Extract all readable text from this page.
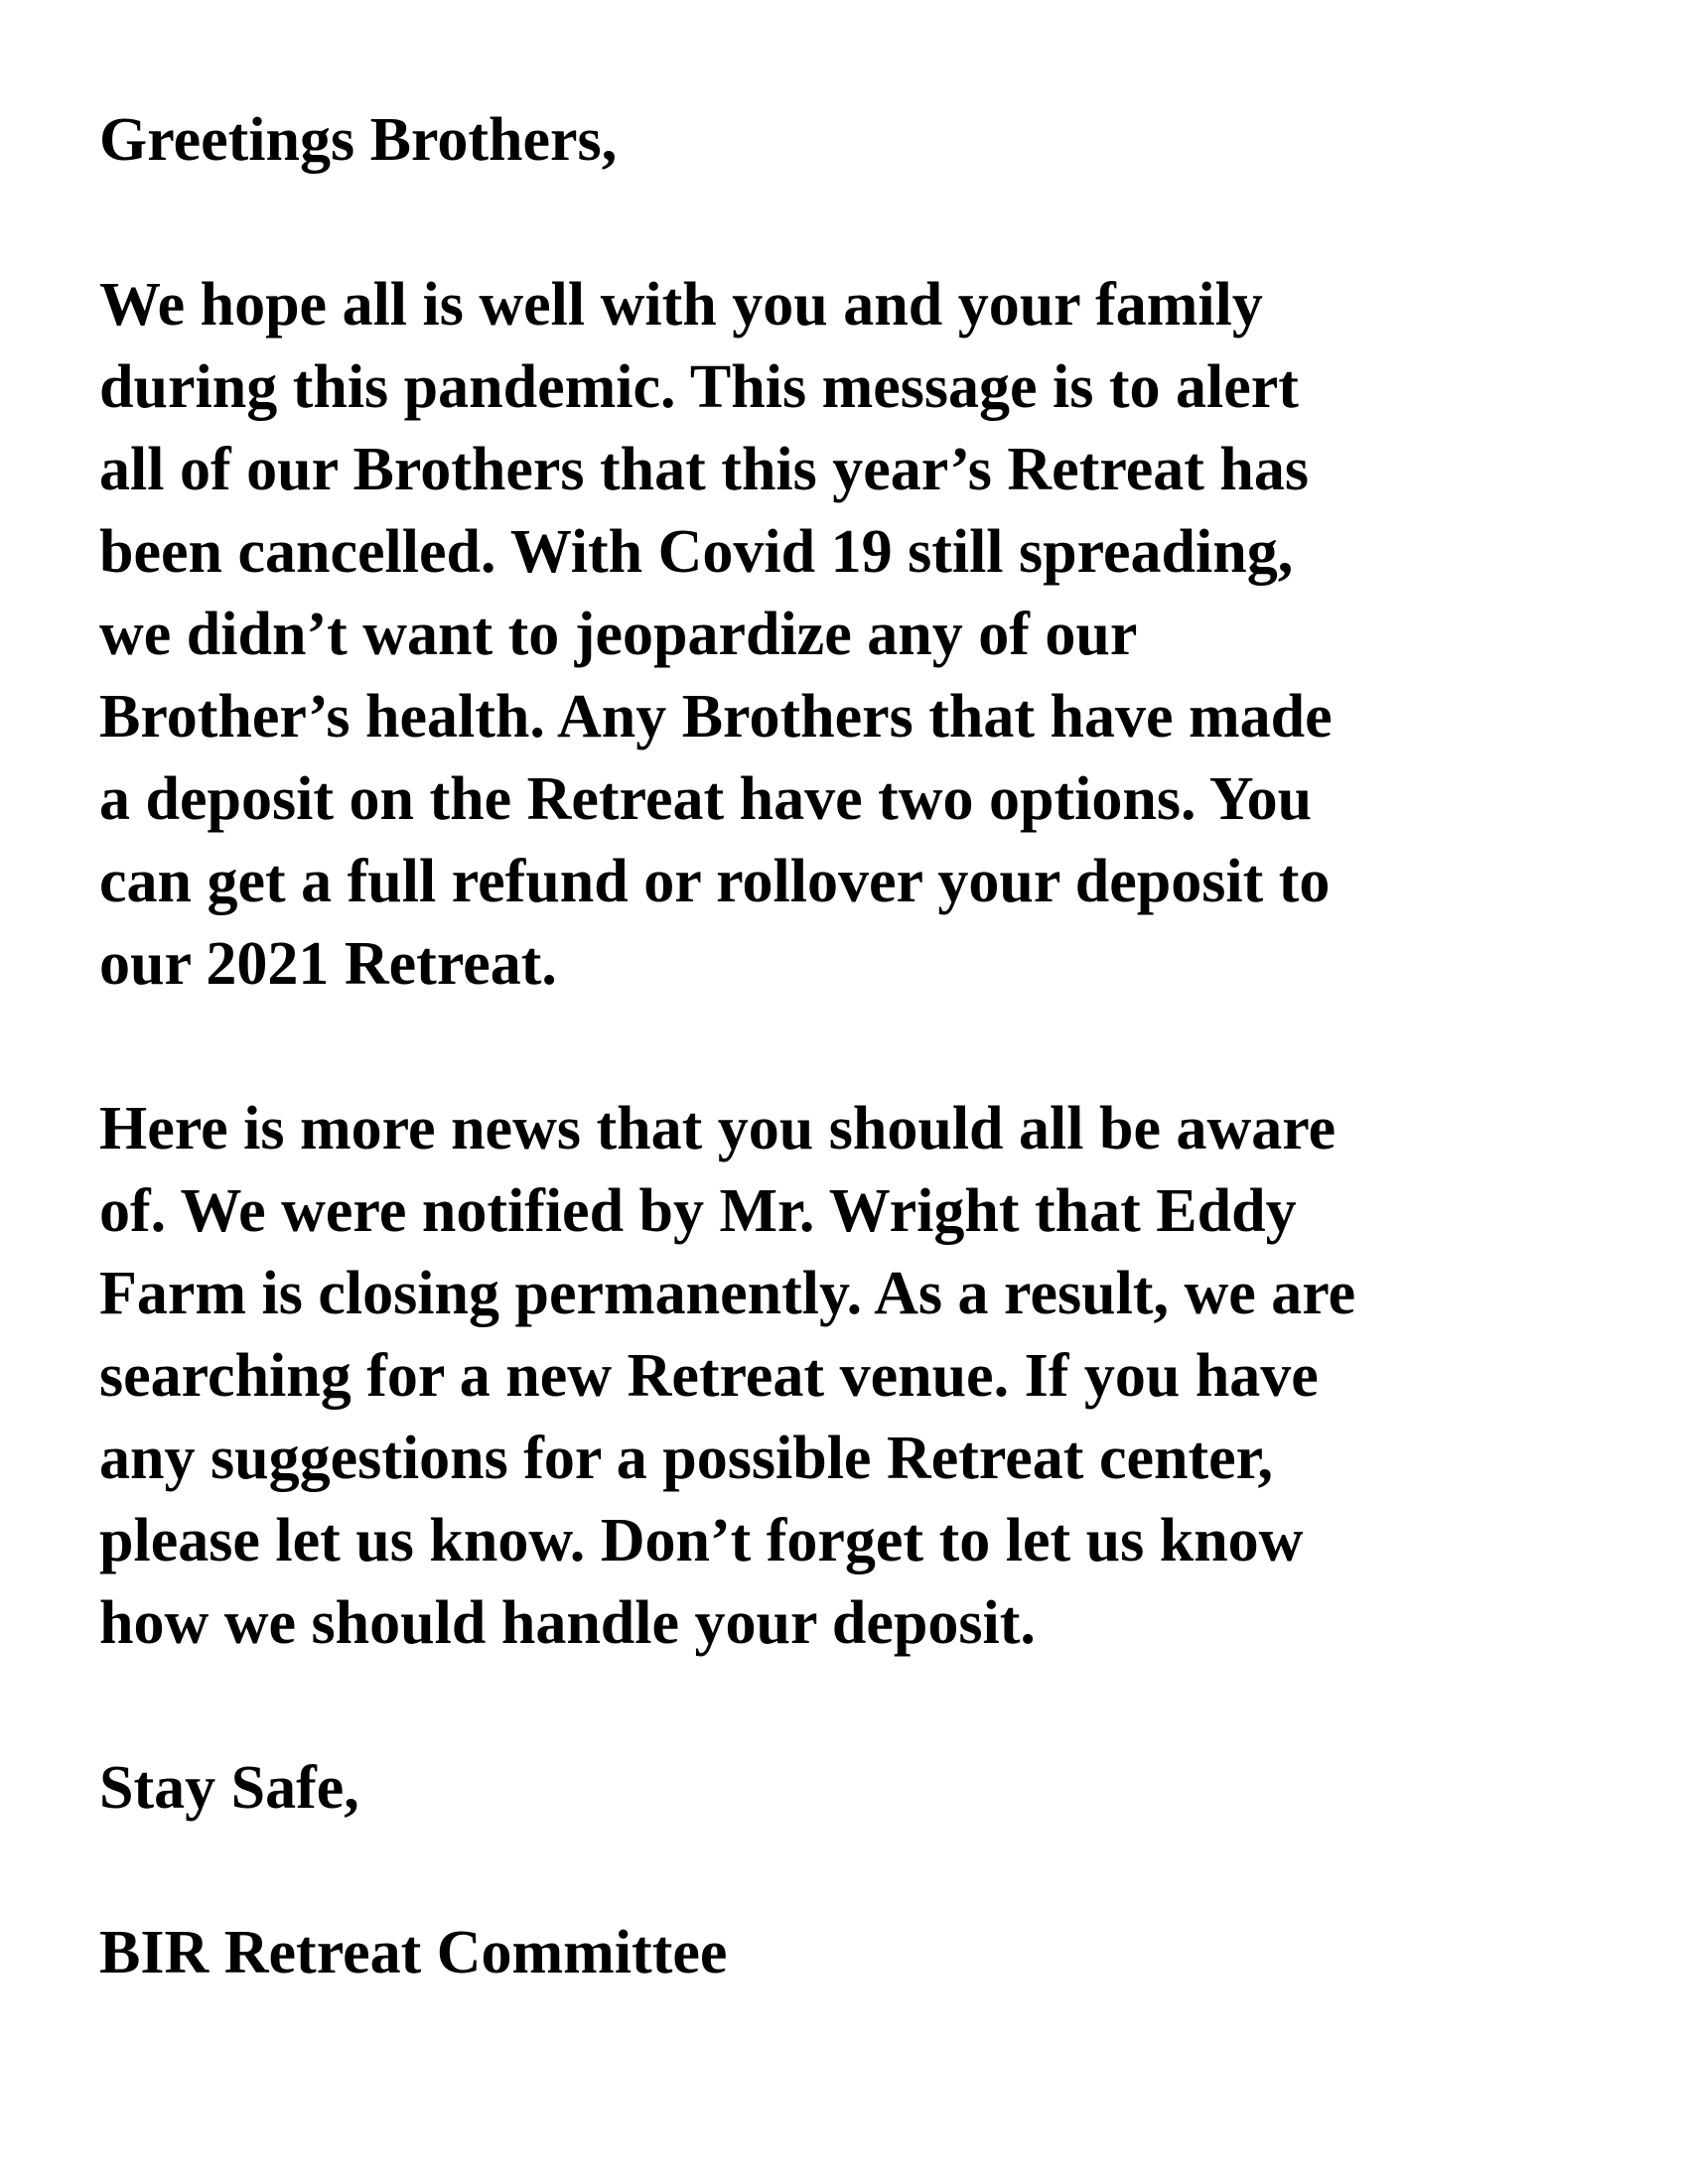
Greetings Brothers,
We hope all is well with you and your family
during this pandemic. This message is to alert
all of our Brothers that this year’s Retreat has
been cancelled. With Covid 19 still spreading,
we didn’t want to jeopardize any of our
Brother’s health. Any Brothers that have made
a deposit on the Retreat have two options. You
can get a full refund or rollover your deposit to
our 2021 Retreat.
Here is more news that you should all be aware
of. We were notified by Mr. Wright that Eddy
Farm is closing permanently. As a result, we are
searching for a new Retreat venue. If you have
any suggestions for a possible Retreat center,
please let us know. Don’t forget to let us know
how we should handle your deposit.
Stay Safe,
BIR Retreat Committee
